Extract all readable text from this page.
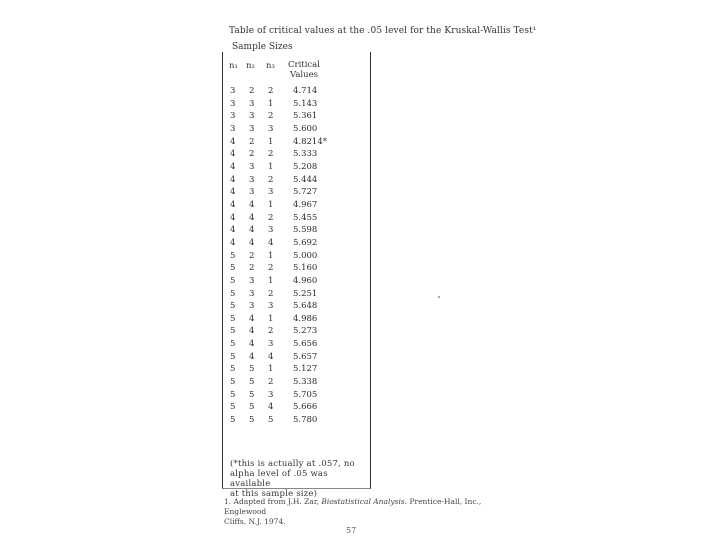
Table of critical values at the .05 level for the Kruskal-Wallis Test¹
Sample Sizes
n₁ n₂ n₃ Critical
Values
3 2 2 4.714
3 3 1 5.143
3 3 2 5.361
3 3 3 5.600
4 2 1 4.8214*
4 2 2 5.333
4 3 1 5.208
4 3 2 5.444
4 3 3 5.727
4 4 1 4.967
4 4 2 5.455
4 4 3 5.598
4 4 4 5.692
5 2 1 5.000
5 2 2 5.160
5 3 1 4.960
5 3 2 5.251
5 3 3 5.648
5 4 1 4.986
5 4 2 5.273
5 4 3 5.656
5 4 4 5.657
5 5 1 5.127
5 5 2 5.338
5 5 3 5.705
5 5 4 5.666
5 5 5 5.780
(*this is actually at .057, no
alpha level of .05 was available
at this sample size)
1. Adapted from J.H. Zar, Biostatistical Analysis. Prentice-Hall, Inc., Englewood
Cliffs, N.J. 1974.
57
